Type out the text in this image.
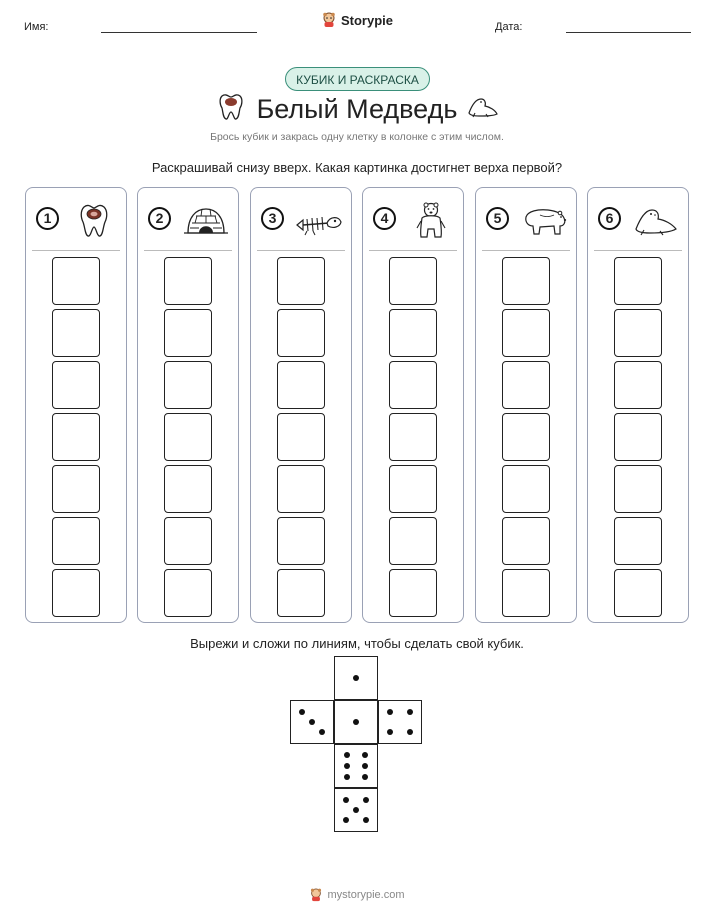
Имя:	Storypie	Дата:
КУБИК И РАСКРАСКА
Белый Медведь
Брось кубик и закрась одну клетку в колонке с этим числом.
Раскрашивай снизу вверх. Какая картинка достигнет верха первой?
1	2	3	4	5	6
Вырежи и сложи по линиям, чтобы сделать свой кубик.
mystorypie.com
